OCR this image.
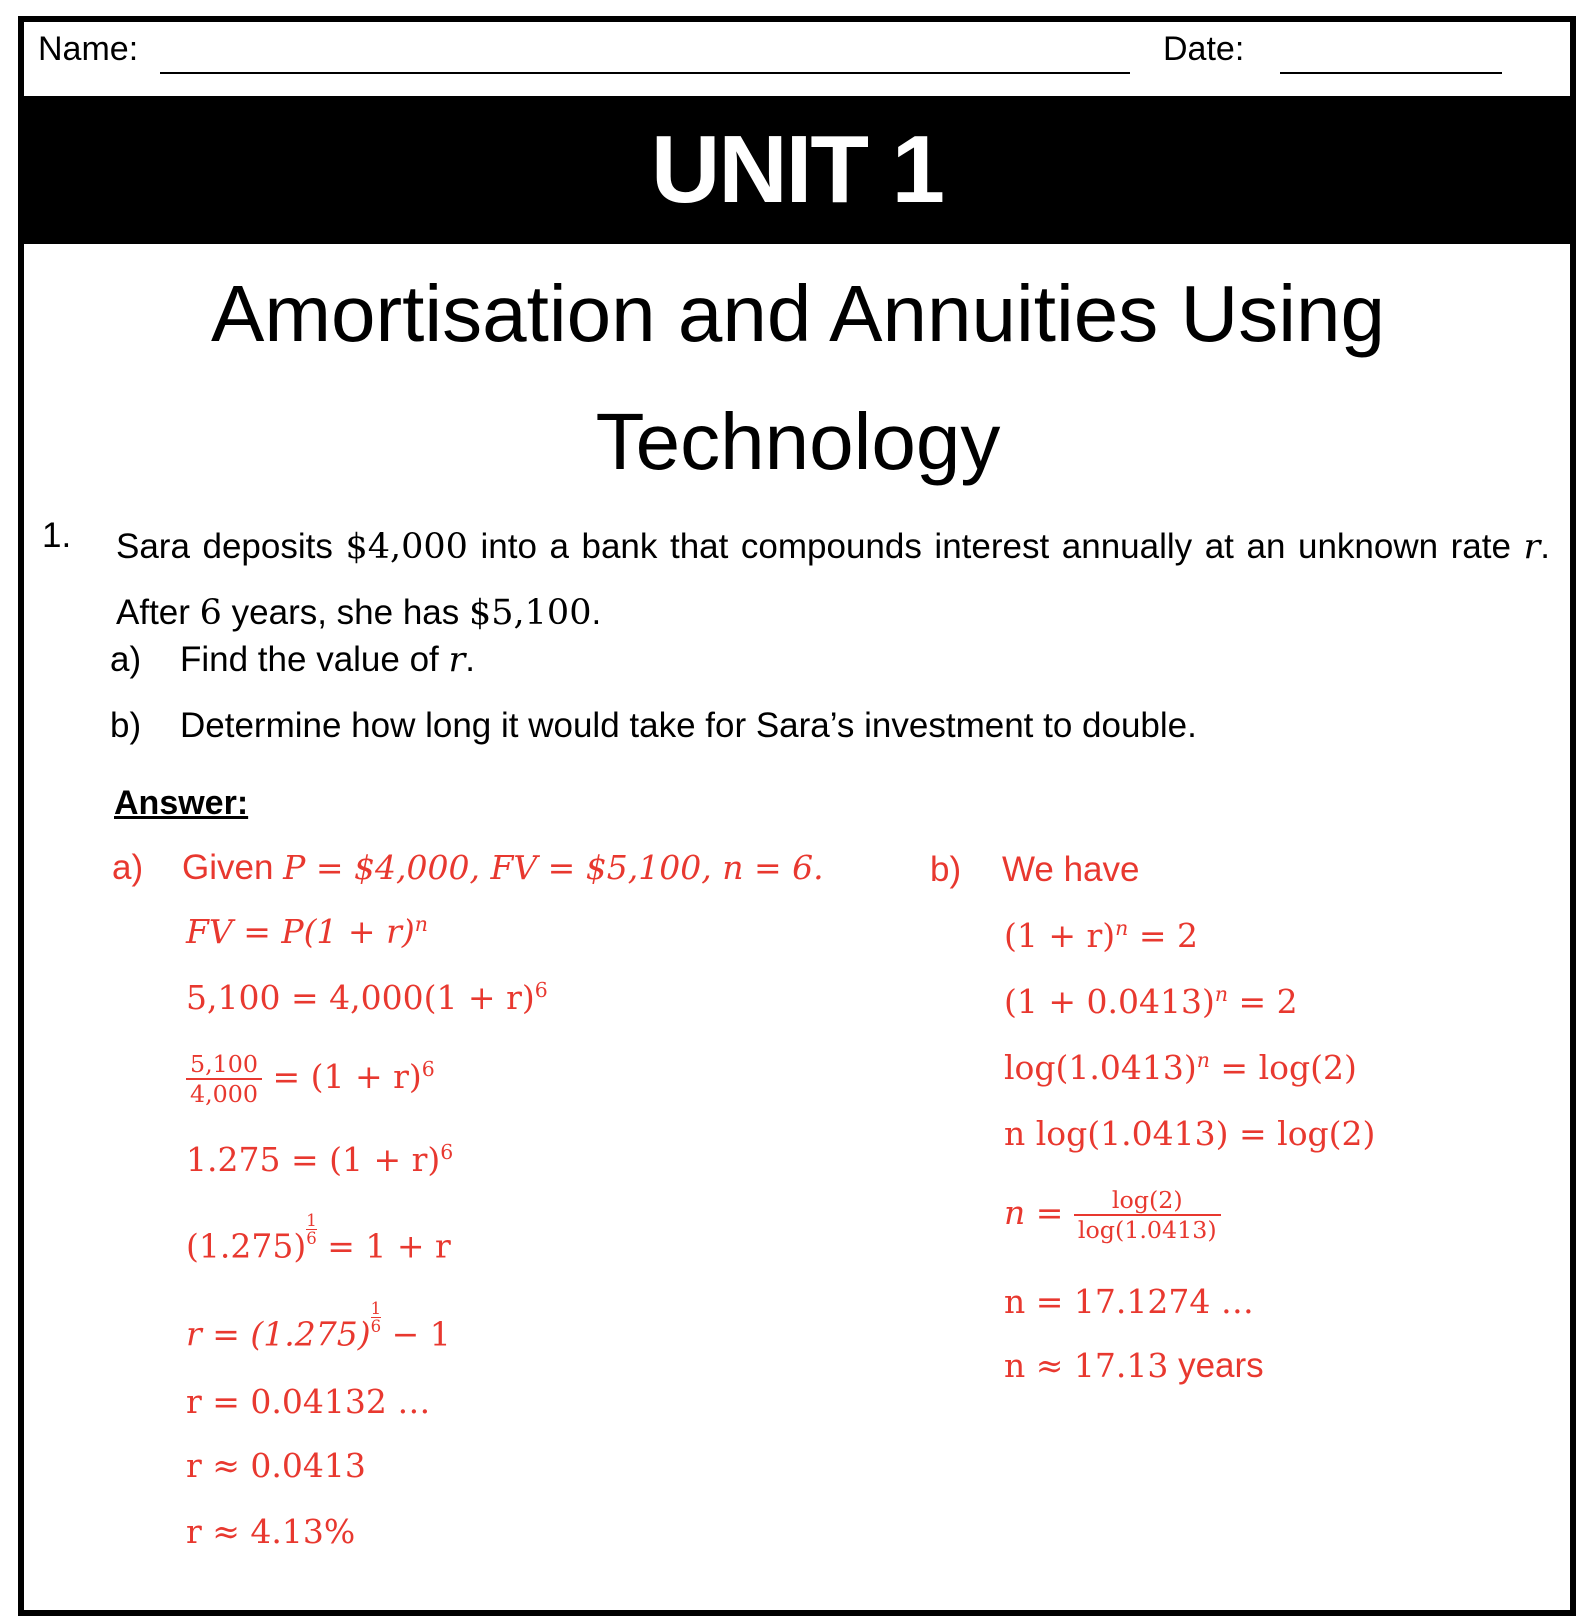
Name:	Date:
UNIT 1
Amortisation and Annuities Using
Technology
1. Sara deposits $4,000 into a bank that compounds interest annually at an unknown rate r. After 6 years, she has $5,100.
a) Find the value of r.
b) Determine how long it would take for Sara’s investment to double.
Answer:
a) Given P = $4,000, FV = $5,100, n = 6.
FV = $P(1 + r)^n$
$5,100 = 4,000(1 + r)^6$
$\frac{5,100}{4,000} = (1 + r)^6$
$1.275 = (1 + r)^6$
$(1.275) \frac{1}{6} = 1 + r$
$r = (1.275) \frac{1}{6} - 1$
r = 0.04132 …
r ≈ 0.0413
r ≈ 4.13%
b) We have
$(1 + r)^n = 2$
$(1 + 0.0413)^n = 2$
$\log(1.0413)^n = \log(2)$
n log(1.0413) = log(2)
$n = \frac{\log(2)}{\log(1.0413)}$
n = 17.1274 …
n ≈ 17.13 years
